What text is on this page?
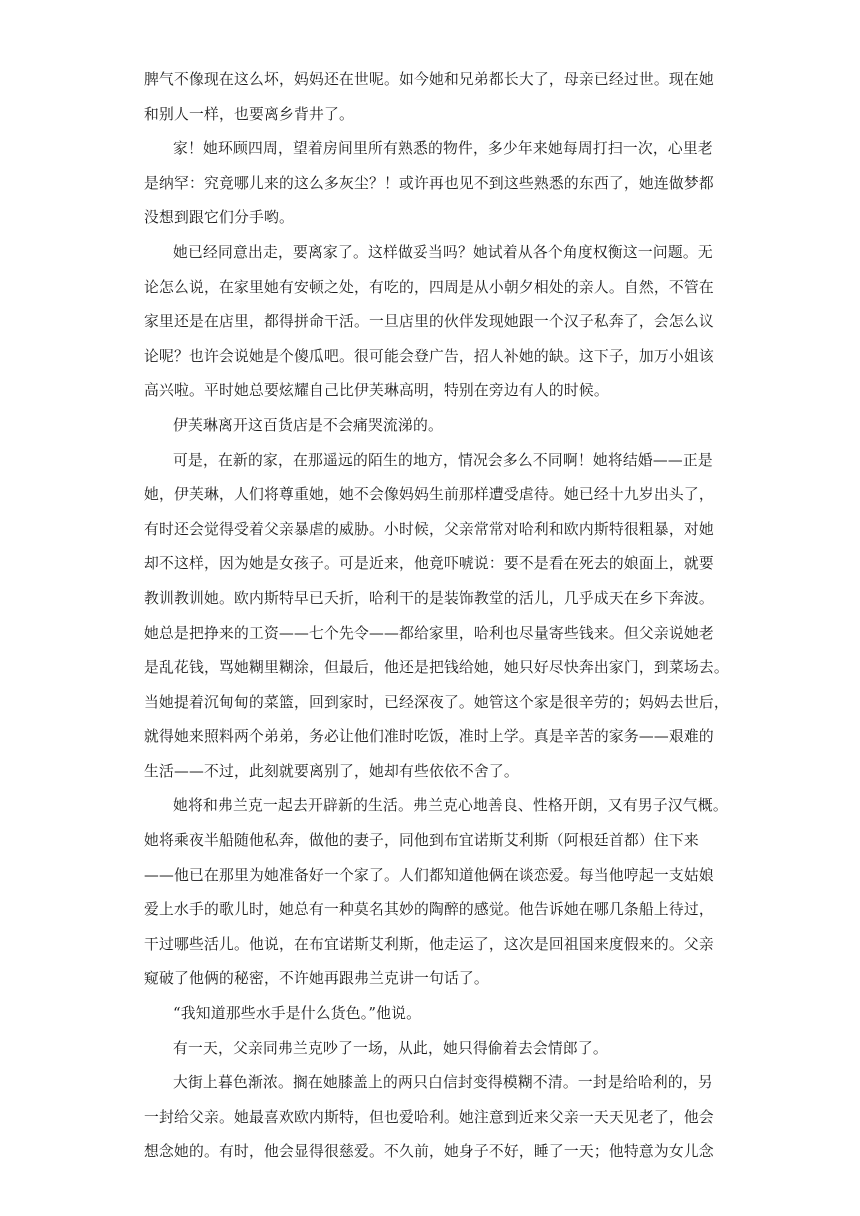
脾气不像现在这么坏，妈妈还在世呢。如今她和兄弟都长大了，母亲已经过世。现在她
和别人一样，也要离乡背井了。
家！她环顾四周，望着房间里所有熟悉的物件，多少年来她每周打扫一次，心里老
是纳罕：究竟哪儿来的这么多灰尘？！或许再也见不到这些熟悉的东西了，她连做梦都
没想到跟它们分手哟。
她已经同意出走，要离家了。这样做妥当吗？她试着从各个角度权衡这一问题。无
论怎么说，在家里她有安顿之处，有吃的，四周是从小朝夕相处的亲人。自然，不管在
家里还是在店里，都得拼命干活。一旦店里的伙伴发现她跟一个汉子私奔了，会怎么议
论呢？也许会说她是个傻瓜吧。很可能会登广告，招人补她的缺。这下子，加万小姐该
高兴啦。平时她总要炫耀自己比伊芙琳高明，特别在旁边有人的时候。
伊芙琳离开这百货店是不会痛哭流涕的。
可是，在新的家，在那遥远的陌生的地方，情况会多么不同啊！她将结婚——正是
她，伊芙琳，人们将尊重她，她不会像妈妈生前那样遭受虐待。她已经十九岁出头了，
有时还会觉得受着父亲暴虐的威胁。小时候，父亲常常对哈利和欧内斯特很粗暴，对她
却不这样，因为她是女孩子。可是近来，他竟吓唬说：要不是看在死去的娘面上，就要
教训教训她。欧内斯特早已夭折，哈利干的是装饰教堂的活儿，几乎成天在乡下奔波。
她总是把挣来的工资——七个先令——都给家里，哈利也尽量寄些钱来。但父亲说她老
是乱花钱，骂她糊里糊涂，但最后，他还是把钱给她，她只好尽快奔出家门，到菜场去。
当她提着沉甸甸的菜篮，回到家时，已经深夜了。她管这个家是很辛劳的；妈妈去世后，
就得她来照料两个弟弟，务必让他们准时吃饭，准时上学。真是辛苦的家务——艰难的
生活——不过，此刻就要离别了，她却有些依依不舍了。
她将和弗兰克一起去开辟新的生活。弗兰克心地善良、性格开朗，又有男子汉气概。
她将乘夜半船随他私奔，做他的妻子，同他到布宜诺斯艾利斯（阿根廷首都）住下来
——他已在那里为她准备好一个家了。人们都知道他俩在谈恋爱。每当他哼起一支姑娘
爱上水手的歌儿时，她总有一种莫名其妙的陶醉的感觉。他告诉她在哪几条船上待过，
干过哪些活儿。他说，在布宜诺斯艾利斯，他走运了，这次是回祖国来度假来的。父亲
窥破了他俩的秘密，不许她再跟弗兰克讲一句话了。
“我知道那些水手是什么货色。”他说。
有一天，父亲同弗兰克吵了一场，从此，她只得偷着去会情郎了。
大街上暮色渐浓。搁在她膝盖上的两只白信封变得模糊不清。一封是给哈利的，另
一封给父亲。她最喜欢欧内斯特，但也爱哈利。她注意到近来父亲一天天见老了，他会
想念她的。有时，他会显得很慈爱。不久前，她身子不好，睡了一天；他特意为女儿念
